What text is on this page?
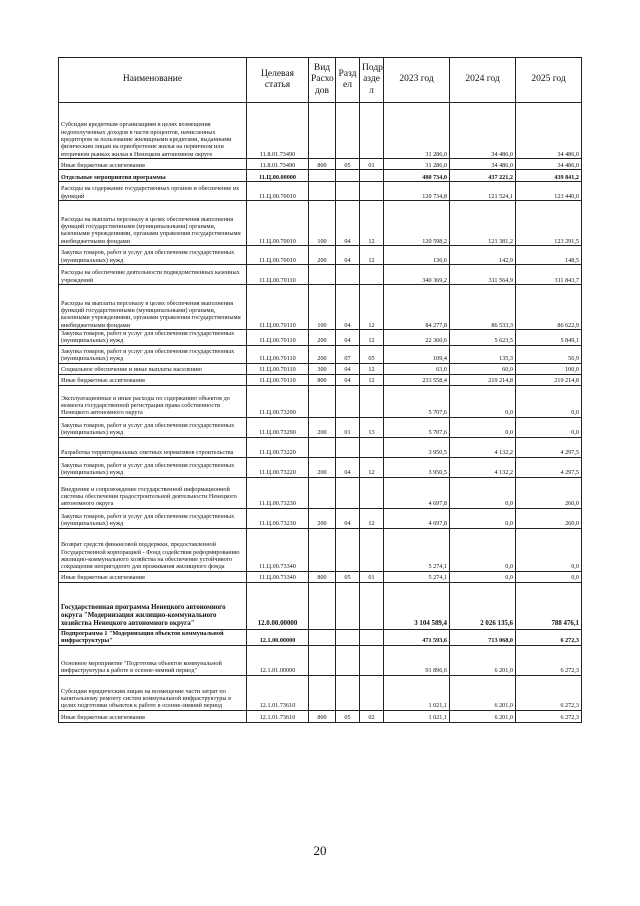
Наименование	Целевая статья	Вид Расхо дов	Разд ел	Подр азде л	2023 год	2024 год	2025 год
Субсидии кредитным организациям в целях возмещения недополученных доходов в части процентов, начисленных кредитором за пользование жилищными кредитами, выданными физическим лицам на приобретение жилья на первичном или вторичном рынках жилья в Ненецком автономном округе	11.8.01.73490				31 286,0	34 486,0	34 486,0
Иные бюджетные ассигнования	11.8.01.73490	800	05	01	31 286,0	34 486,0	34 486,0
Отдельные мероприятия программы	11.Ц.00.00000				480 734,0	437 221,2	439 841,2
Расходы на содержание государственных органов и обеспечение их функций	11.Ц.00.70010				120 734,8	121 524,1	123 440,0
Расходы на выплаты персоналу в целях обеспечения выполнения функций государственными (муниципальными) органами, казенными учреждениями, органами управления государственными внебюджетными фондами	11.Ц.00.70010	100	04	12	120 598,2	121 381,2	123 291,5
Закупка товаров, работ и услуг для обеспечения государственных (муниципальных) нужд	11.Ц.00.70010	200	04	12	136,6	142,9	148,5
Расходы на обеспечение деятельности подведомственных казенных учреждений	11.Ц.00.70110				340 369,2	311 564,9	311 843,7
Расходы на выплаты персоналу в целях обеспечения выполнения функций государственными (муниципальными) органами, казенными учреждениями, органами управления государственными внебюджетными фондами	11.Ц.00.70110	100	04	12	84 277,8	86 533,3	86 622,9
Закупка товаров, работ и услуг для обеспечения государственных (муниципальных) нужд	11.Ц.00.70110	200	04	12	22 360,6	5 623,5	5 849,1
Закупка товаров, работ и услуг для обеспечения государственных (муниципальных) нужд	11.Ц.00.70110	200	07	05	109,4	135,3	56,9
Социальное обеспечение и иные выплаты населению	11.Ц.00.70110	300	04	12	63,0	60,0	100,0
Иные бюджетные ассигнования	11.Ц.00.70110	800	04	12	233 558,4	219 214,8	219 214,8
Эксплуатационные и иные расходы по содержанию объектов до момента государственной регистрации права собственности Ненецкого автономного округа	11.Ц.00.73290				5 707,6	0,0	0,0
Закупка товаров, работ и услуг для обеспечения государственных (муниципальных) нужд	11.Ц.00.73290	200	01	13	5 707,6	0,0	0,0
Разработка территориальных сметных нормативов строительства	11.Ц.00.73220				3 950,5	4 132,2	4 297,5
Закупка товаров, работ и услуг для обеспечения государственных (муниципальных) нужд	11.Ц.00.73220	200	04	12	3 950,5	4 132,2	4 297,5
Внедрение и сопровождение государственной информационной системы обеспечения градостроительной деятельности Ненецкого автономного округа	11.Ц.00.73230				4 697,8	0,0	260,0
Закупка товаров, работ и услуг для обеспечения государственных (муниципальных) нужд	11.Ц.00.73230	200	04	12	4 697,8	0,0	260,0
Возврат средств финансовой поддержки, предоставленной Государственной корпорацией - Фонд содействия реформированию жилищно-коммунального хозяйства на обеспечение устойчивого сокращения непригодного для проживания жилищного фонда	11.Ц.00.73340				5 274,1	0,0	0,0
Иные бюджетные ассигнования	11.Ц.00.73340	800	05	01	5 274,1	0,0	0,0
Государственная программа Ненецкого автономного округа "Модернизация жилищно-коммунального хозяйства Ненецкого автономного округа"	12.0.00.00000				3 104 589,4	2 026 135,6	788 476,1
Подпрограмма 1 "Модернизация объектов коммунальной инфраструктуры"	12.1.00.00000				471 593,6	713 068,0	6 272,3
Основное мероприятие "Подготовка объектов коммунальной инфраструктуры к работе в осенне-зимний период"	12.1.01.00000				91 896,6	6 201,0	6 272,3
Субсидии юридическим лицам на возмещение части затрат по капитальному ремонту систем коммунальной инфраструктуры в целях подготовки объектов к работе в осенне-зимний период	12.1.01.73610				1 021,1	6 201,0	6 272,3
Иные бюджетные ассигнования	12.1.01.73610	800	05	02	1 021,1	6 201,0	6 272,3
20
